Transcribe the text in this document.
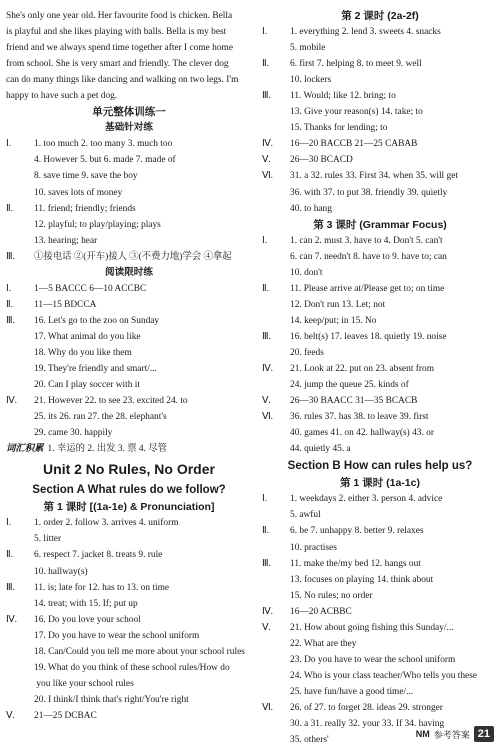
She's only one year old. Her favourite food is chicken. Bella
is playful and she likes playing with balls. Bella is my best
friend and we always spend time together after I come home
from school. She is very smart and friendly. The clever dog
can do many things like dancing and walking on two legs. I'm
happy to have such a pet dog.
单元整体训练一
基础针对练
Ⅰ. 1. too much 2. too many 3. much too
4. However 5. but 6. made 7. made of
8. save time 9. save the boy
10. saves lots of money
Ⅱ. 11. friend; friendly; friends
12. playful; to play/playing; plays
13. hearing; hear
Ⅲ. ①接电话 ②(开车)接人 ③(不费力地)学会 ④拿起
阅读限时练
Ⅰ. 1—5 BACCC 6—10 ACCBC
Ⅱ. 11—15 BDCCA
Ⅲ. 16. Let's go to the zoo on Sunday
17. What animal do you like
18. Why do you like them
19. They're friendly and smart/...
20. Can I play soccer with it
Ⅳ. 21. However 22. to see 23. excited 24. to
25. its 26. ran 27. the 28. elephant's
29. came 30. happily
词汇积累 1. 幸运的 2. 出发 3. 票 4. 尽管
Unit 2 No Rules, No Order
Section A What rules do we follow?
第 1 课时 [(1a-1e) & Pronunciation]
Ⅰ. 1. order 2. follow 3. arrives 4. uniform
5. litter
Ⅱ. 6. respect 7. jacket 8. treats 9. rule
10. hallway(s)
Ⅲ. 11. is; late for 12. has to 13. on time
14. treat; with 15. If; put up
Ⅳ. 16. Do you love your school
17. Do you have to wear the school uniform
18. Can/Could you tell me more about your school rules
19. What do you think of these school rules/How do
you like your school rules
20. I think/I think that's right/You're right
Ⅴ. 21—25 DCBAC
第 2 课时 (2a-2f)
Ⅰ. 1. everything 2. lend 3. sweets 4. snacks
5. mobile
Ⅱ. 6. first 7. helping 8. to meet 9. well
10. lockers
Ⅲ. 11. Would; like 12. bring; to
13. Give your reason(s) 14. take; to
15. Thanks for lending; to
Ⅳ. 16—20 BACCB 21—25 CABAB
Ⅴ. 26—30 BCACD
Ⅵ. 31. a 32. rules 33. First 34. when 35. will get
36. with 37. to put 38. friendly 39. quietly
40. to hang
第 3 课时 (Grammar Focus)
Ⅰ. 1. can 2. must 3. have to 4. Don't 5. can't
6. can 7. needn't 8. have to 9. have to; can
10. don't
Ⅱ. 11. Please arrive at/Please get to; on time
12. Don't run 13. Let; not
14. keep/put; in 15. No
Ⅲ. 16. belt(s) 17. leaves 18. quietly 19. noise
20. feeds
Ⅳ. 21. Look at 22. put on 23. absent from
24. jump the queue 25. kinds of
Ⅴ. 26—30 BAACC 31—35 BCACB
Ⅵ. 36. rules 37. has 38. to leave 39. first
40. games 41. on 42. hallway(s) 43. or
44. quietly 45. a
Section B How can rules help us?
第 1 课时 (1a-1c)
Ⅰ. 1. weekdays 2. either 3. person 4. advice
5. awful
Ⅱ. 6. be 7. unhappy 8. better 9. relaxes
10. practises
Ⅲ. 11. make the/my bed 12. hangs out
13. focuses on playing 14. think about
15. No rules; no order
Ⅳ. 16—20 ACBBC
Ⅴ. 21. How about going fishing this Sunday/...
22. What are they
23. Do you have to wear the school uniform
24. Who is your class teacher/Who tells you these
25. have fun/have a good time/...
Ⅵ. 26. of 27. to forget 28. ideas 29. stronger
30. a 31. really 32. your 33. If 34. having
35. others'
NM 参考答案 21
